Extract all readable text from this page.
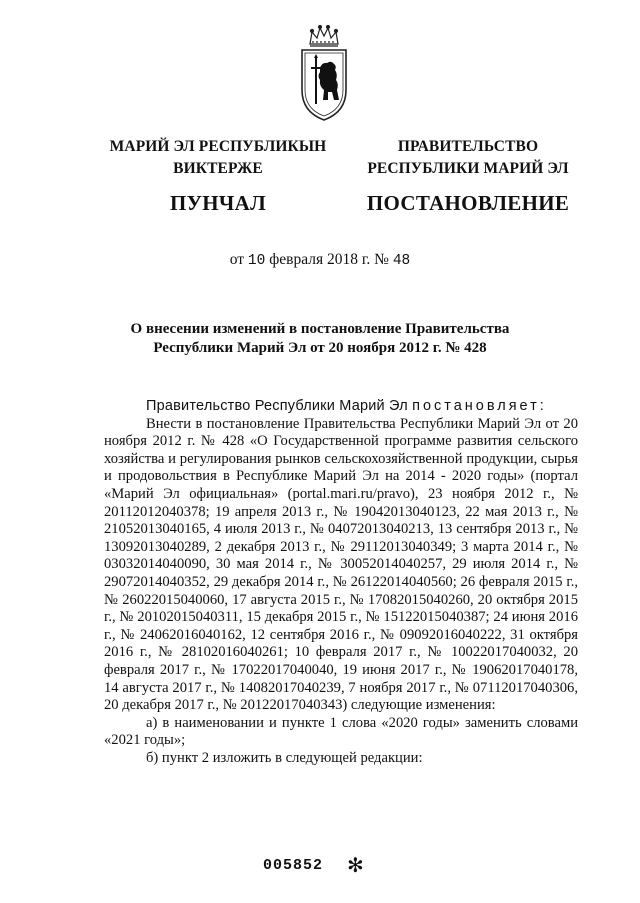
МАРИЙ ЭЛ РЕСПУБЛИКЫН
ВИКТЕРЖЕ
ПУНЧАЛ
ПРАВИТЕЛЬСТВО
РЕСПУБЛИКИ МАРИЙ ЭЛ
ПОСТАНОВЛЕНИЕ
от 10 февраля 2018 г. № 48
О внесении изменений в постановление Правительства
Республики Марий Эл от 20 ноября 2012 г. № 428

Правительство Республики Марий Эл постановляет:

Внести в постановление Правительства Республики Марий Эл от 20 ноября 2012 г. № 428 «О Государственной программе развития сельского хозяйства и регулирования рынков сельскохозяйственной продукции, сырья и продовольствия в Республике Марий Эл на 2014 - 2020 годы» (портал «Марий Эл официальная» (portal.mari.ru/pravo), 23 ноября 2012 г., № 20112012040378; 19 апреля 2013 г., № 19042013040123, 22 мая 2013 г., № 21052013040165, 4 июля 2013 г., № 04072013040213, 13 сентября 2013 г., № 13092013040289, 2 декабря 2013 г., № 29112013040349; 3 марта 2014 г., № 03032014040090, 30 мая 2014 г., № 30052014040257, 29 июля 2014 г., № 29072014040352, 29 декабря 2014 г., № 26122014040560; 26 февраля 2015 г., № 26022015040060, 17 августа 2015 г., № 17082015040260, 20 октября 2015 г., № 20102015040311, 15 декабря 2015 г., № 15122015040387; 24 июня 2016 г., № 24062016040162, 12 сентября 2016 г., № 09092016040222, 31 октября 2016 г., № 28102016040261; 10 февраля 2017 г., № 10022017040032, 20 февраля 2017 г., № 17022017040040, 19 июня 2017 г., № 19062017040178, 14 августа 2017 г., № 14082017040239, 7 ноября 2017 г., № 07112017040306, 20 декабря 2017 г., № 20122017040343) следующие изменения:

а) в наименовании и пункте 1 слова «2020 годы» заменить словами «2021 годы»;

б) пункт 2 изложить в следующей редакции:

005852 ✻
